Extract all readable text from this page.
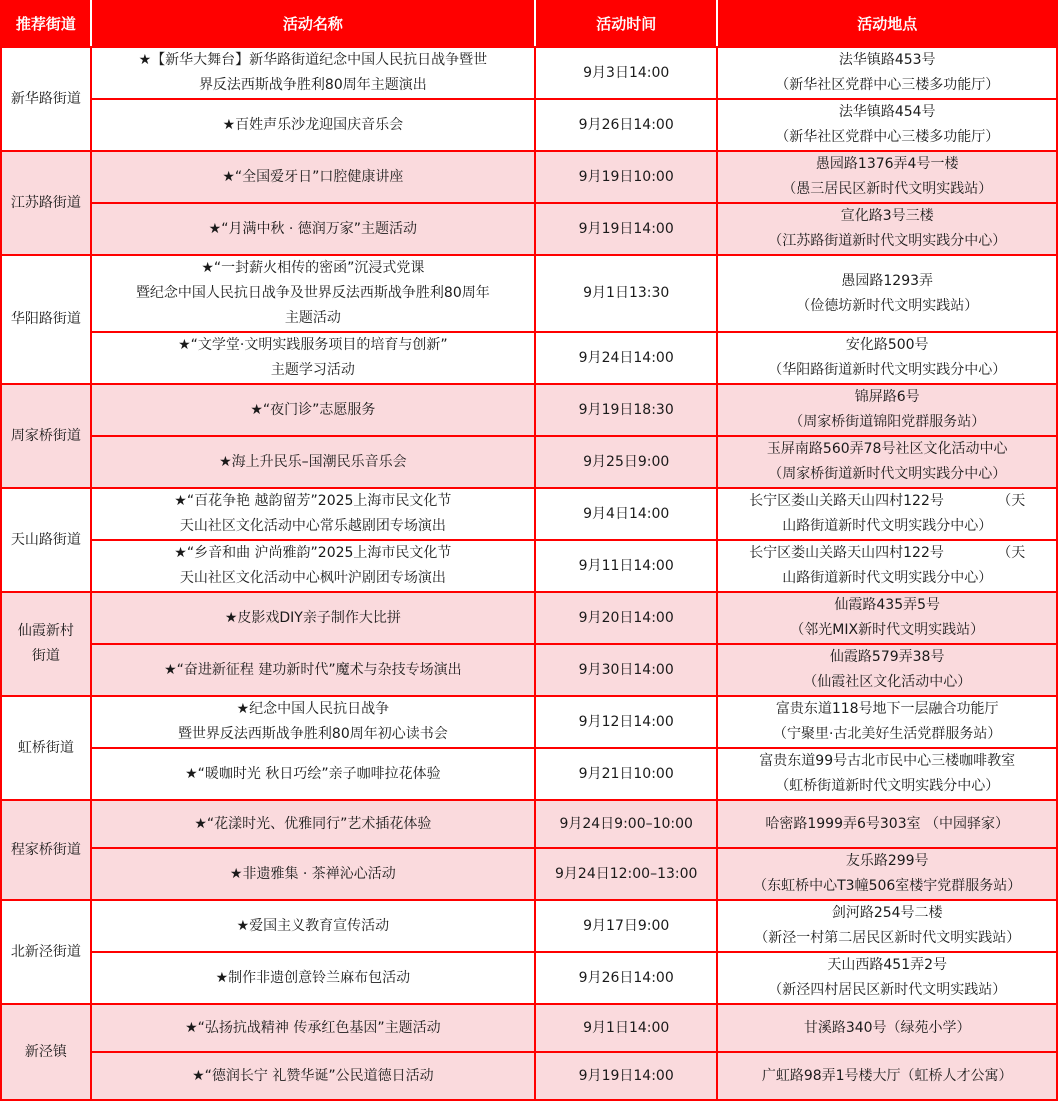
推荐街道	活动名称	活动时间	活动地点

新华路街道	★【新华大舞台】新华路街道纪念中国人民抗日战争暨世
界反法西斯战争胜利80周年主题演出	9月3日14:00	法华镇路453号
（新华社区党群中心三楼多功能厅）

	★百姓声乐沙龙迎国庆音乐会	9月26日14:00	法华镇路454号
（新华社区党群中心三楼多功能厅）

江苏路街道	★“全国爱牙日”口腔健康讲座	9月19日10:00	愚园路1376弄4号一楼
（愚三居民区新时代文明实践站）

	★“月满中秋 · 德润万家”主题活动	9月19日14:00	宣化路3号三楼
（江苏路街道新时代文明实践分中心）

华阳路街道	★“一封薪火相传的密函”沉浸式党课
暨纪念中国人民抗日战争及世界反法西斯战争胜利80周年
主题活动	9月1日13:30	愚园路1293弄
（俭德坊新时代文明实践站）

	★“文学堂·文明实践服务项目的培育与创新”
主题学习活动	9月24日14:00	安化路500号
（华阳路街道新时代文明实践分中心）

周家桥街道	★“夜门诊”志愿服务	9月19日18:30	锦屏路6号
（周家桥街道锦阳党群服务站）

	★海上升民乐–国潮民乐音乐会	9月25日9:00	玉屏南路560弄78号社区文化活动中心
（周家桥街道新时代文明实践分中心）

天山路街道	★“百花争艳 越韵留芳”2025上海市民文化节
天山社区文化活动中心常乐越剧团专场演出	9月4日14:00	长宁区娄山关路天山四村122号            （天
山路街道新时代文明实践分中心）

	★“乡音和曲 沪尚雅韵”2025上海市民文化节
天山社区文化活动中心枫叶沪剧团专场演出	9月11日14:00	长宁区娄山关路天山四村122号            （天
山路街道新时代文明实践分中心）

仙霞新村
街道	★皮影戏DIY亲子制作大比拼	9月20日14:00	仙霞路435弄5号
（邻光MIX新时代文明实践站）

	★“奋进新征程 建功新时代”魔术与杂技专场演出	9月30日14:00	仙霞路579弄38号
（仙霞社区文化活动中心）

虹桥街道	★纪念中国人民抗日战争
暨世界反法西斯战争胜利80周年初心读书会	9月12日14:00	富贵东道118号地下一层融合功能厅
（宁聚里·古北美好生活党群服务站）

	★“暖咖时光 秋日巧绘”亲子咖啡拉花体验	9月21日10:00	富贵东道99号古北市民中心三楼咖啡教室
（虹桥街道新时代文明实践分中心）

程家桥街道	★“花漾时光、优雅同行”艺术插花体验	9月24日9:00–10:00	哈密路1999弄6号303室 （中园驿家）

	★非遗雅集 · 茶禅沁心活动	9月24日12:00–13:00	友乐路299号
（东虹桥中心T3幢506室楼宇党群服务站）

北新泾街道	★爱国主义教育宣传活动	9月17日9:00	剑河路254号二楼
（新泾一村第二居民区新时代文明实践站）

	★制作非遗创意铃兰麻布包活动	9月26日14:00	天山西路451弄2号
（新泾四村居民区新时代文明实践站）

新泾镇	★“弘扬抗战精神 传承红色基因”主题活动	9月1日14:00	甘溪路340号（绿苑小学）

	★“德润长宁 礼赞华诞”公民道德日活动	9月19日14:00	广虹路98弄1号楼大厅（虹桥人才公寓）
